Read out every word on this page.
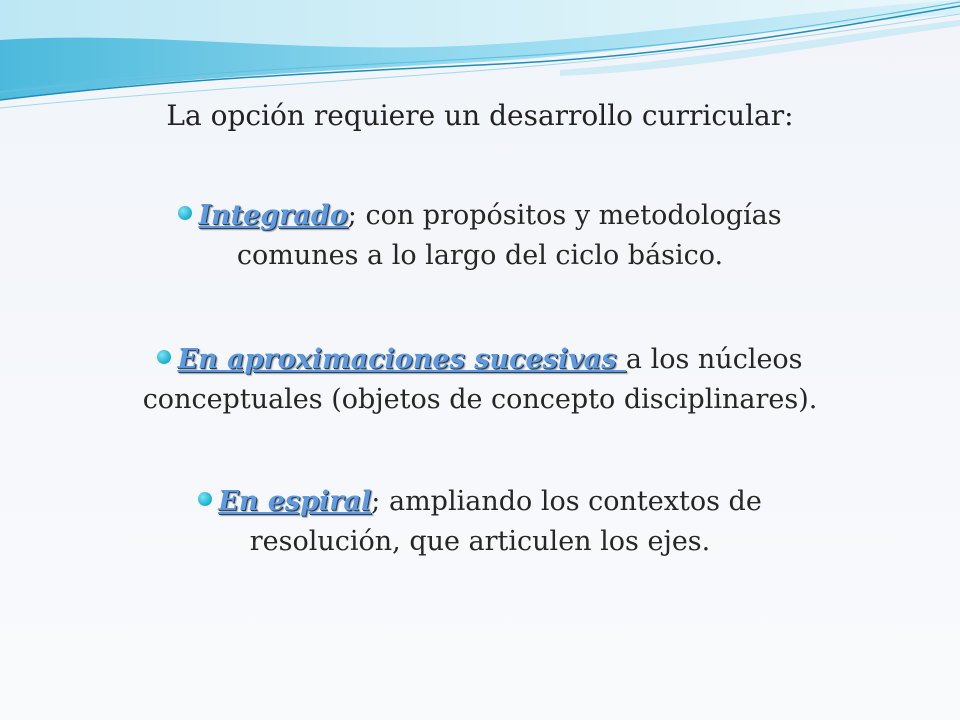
La opción requiere un desarrollo curricular:
Integrado; con propósitos y metodologías comunes a lo largo del ciclo básico.
En aproximaciones sucesivas a los núcleos conceptuales (objetos de concepto disciplinares).
En espiral; ampliando los contextos de resolución, que articulen los ejes.
